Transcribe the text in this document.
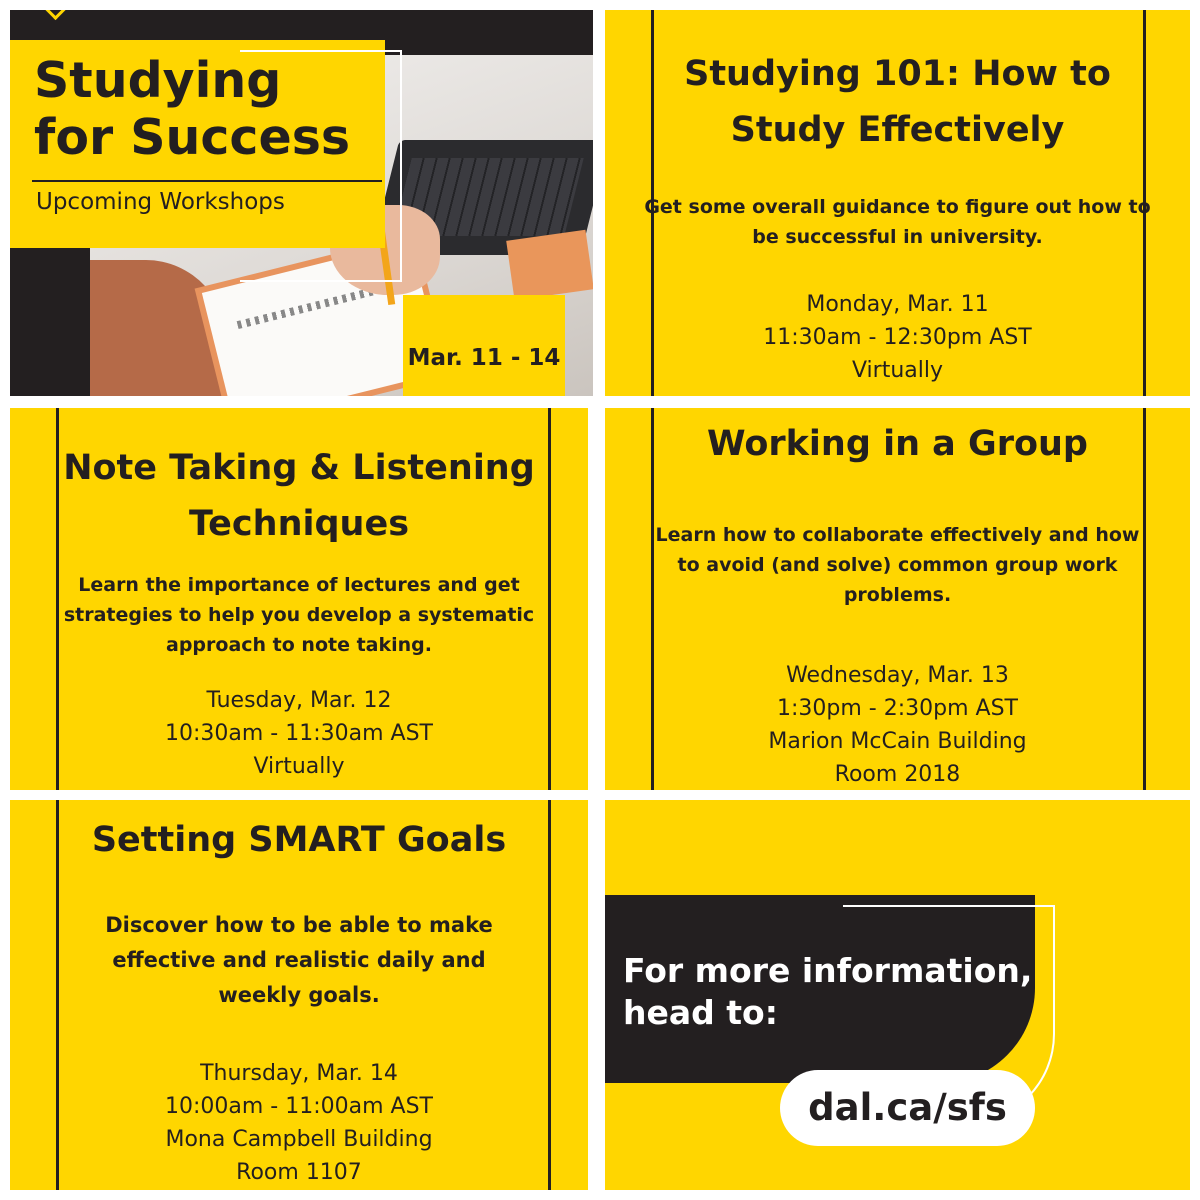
Studying
for Success
Upcoming Workshops
Mar. 11 - 14
Studying 101: How to
Study Effectively
Get some overall guidance to figure out how to
be successful in university.
Monday, Mar. 11
11:30am - 12:30pm AST
Virtually
Note Taking & Listening
Techniques
Learn the importance of lectures and get
strategies to help you develop a systematic
approach to note taking.
Tuesday, Mar. 12
10:30am - 11:30am AST
Virtually
Working in a Group
Learn how to collaborate effectively and how
to avoid (and solve) common group work
problems.
Wednesday, Mar. 13
1:30pm - 2:30pm AST
Marion McCain Building
Room 2018
Setting SMART Goals
Discover how to be able to make
effective and realistic daily and
weekly goals.
Thursday, Mar. 14
10:00am - 11:00am AST
Mona Campbell Building
Room 1107
For more information,
head to:
dal.ca/sfs
